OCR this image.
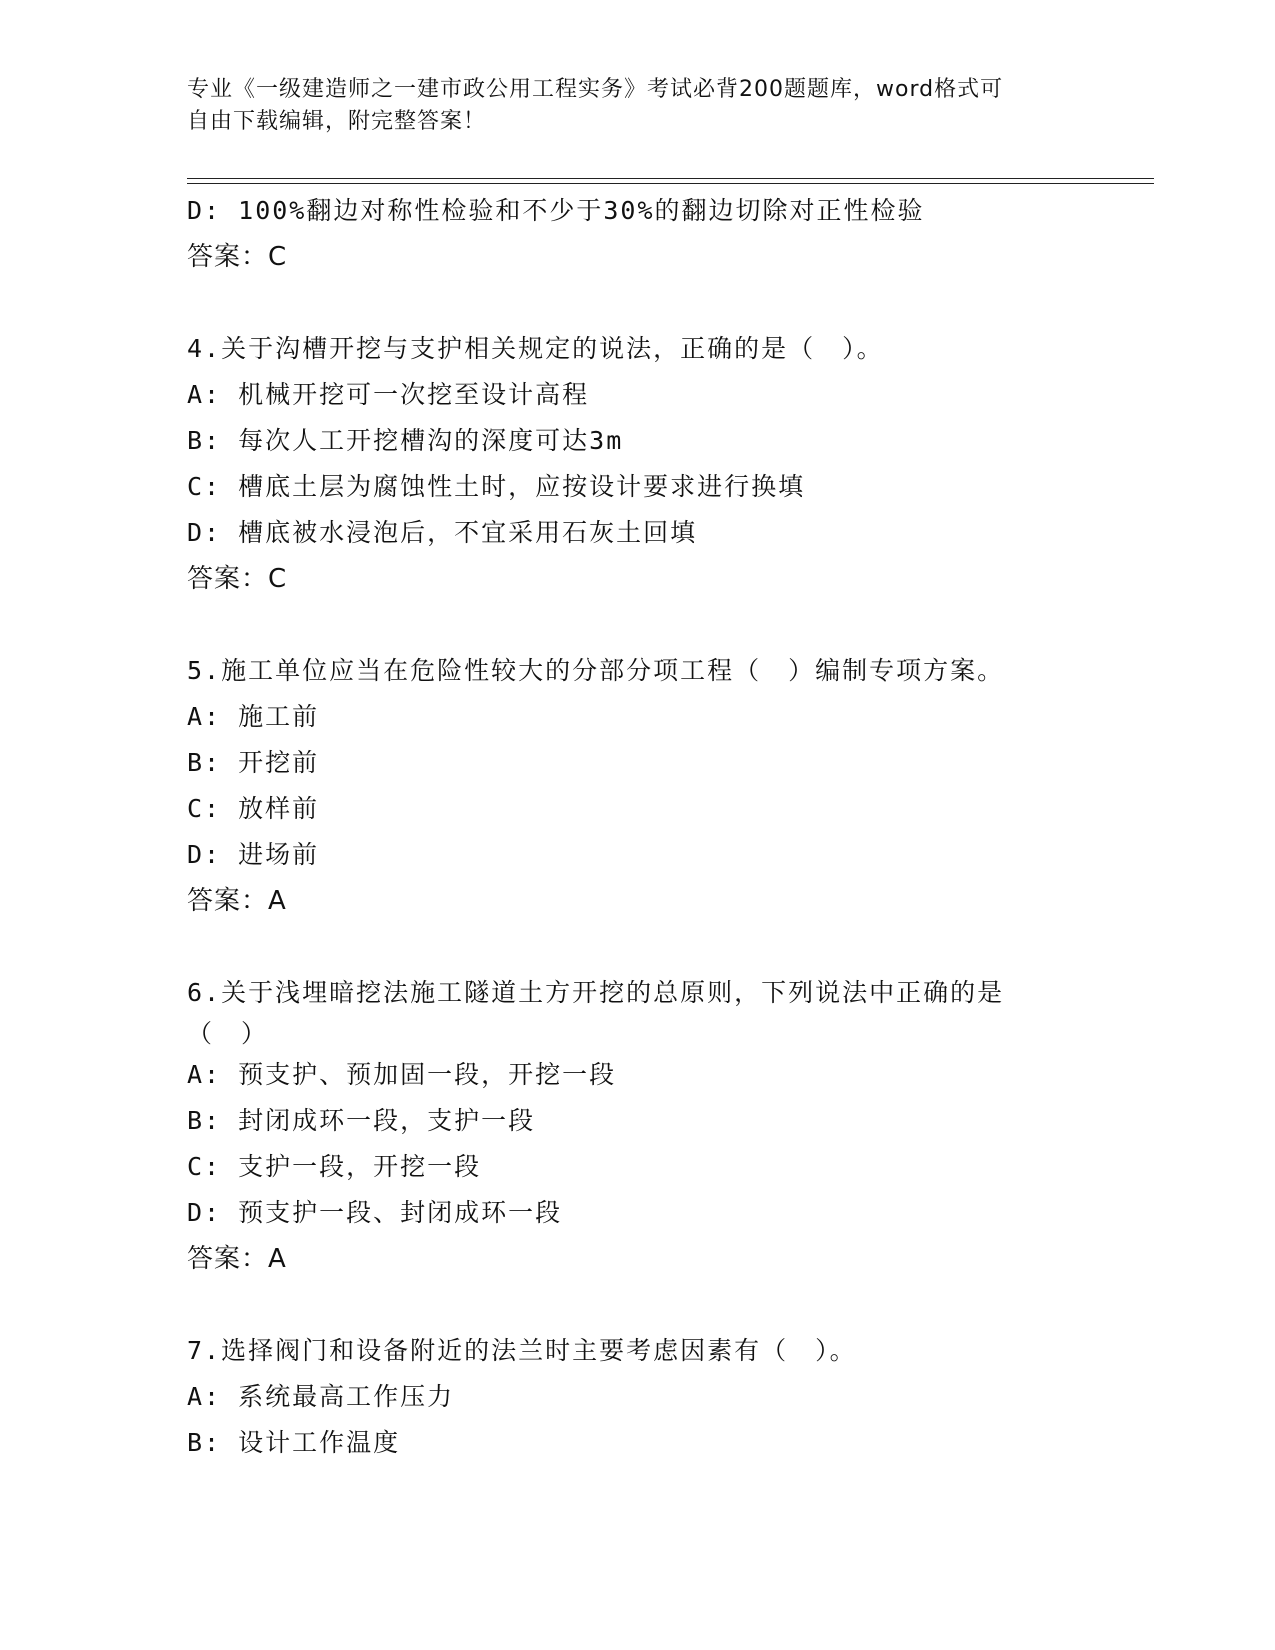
专业《一级建造师之一建市政公用工程实务》考试必背200题题库，word格式可
自由下载编辑，附完整答案！
D: 100%翻边对称性检验和不少于30%的翻边切除对正性检验
答案：C
4.关于沟槽开挖与支护相关规定的说法，正确的是（　）。
A: 机械开挖可一次挖至设计高程
B: 每次人工开挖槽沟的深度可达3m
C: 槽底土层为腐蚀性土时，应按设计要求进行换填
D: 槽底被水浸泡后，不宜采用石灰土回填
答案：C
5.施工单位应当在危险性较大的分部分项工程（　）编制专项方案。
A: 施工前
B: 开挖前
C: 放样前
D: 进场前
答案：A
6.关于浅埋暗挖法施工隧道土方开挖的总原则，下列说法中正确的是
（　）
A: 预支护、预加固一段，开挖一段
B: 封闭成环一段，支护一段
C: 支护一段，开挖一段
D: 预支护一段、封闭成环一段
答案：A
7.选择阀门和设备附近的法兰时主要考虑因素有（　）。
A: 系统最高工作压力
B: 设计工作温度
